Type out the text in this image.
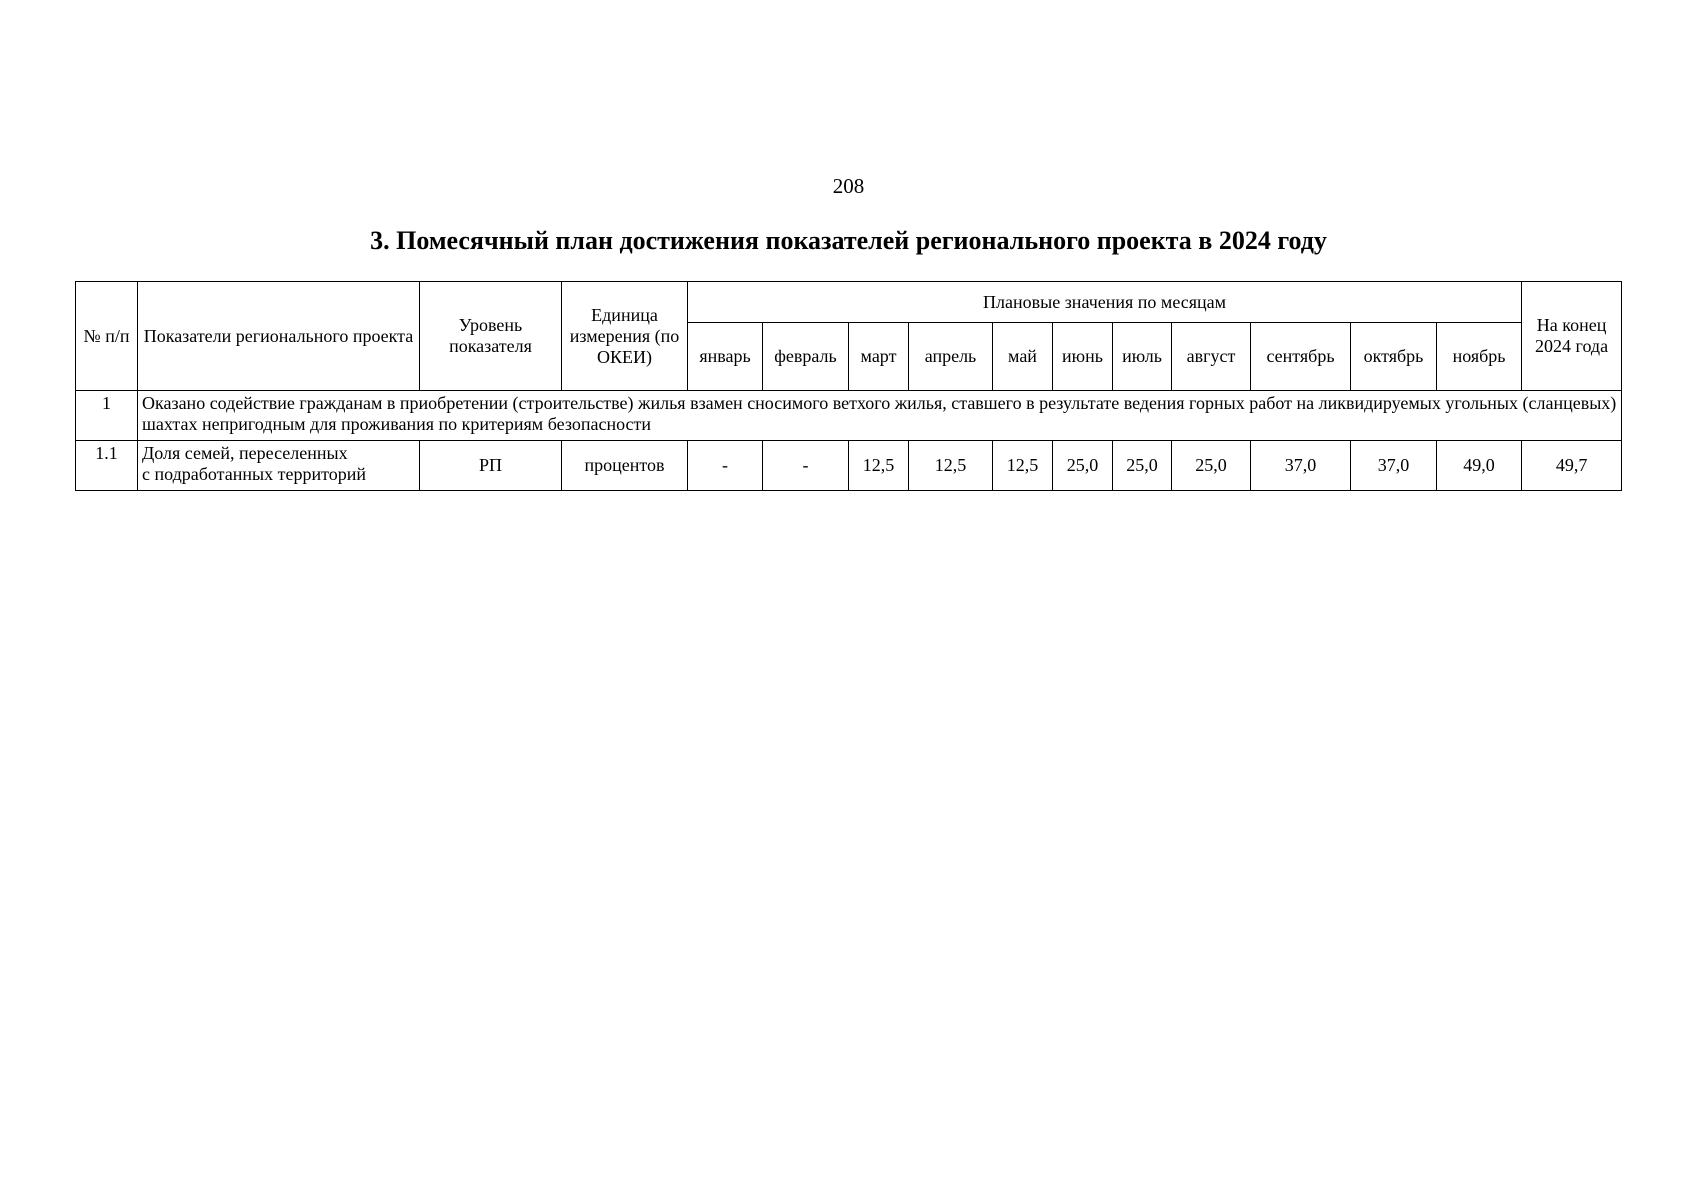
208
3. Помесячный план достижения показателей регионального проекта в 2024 году
№ п/п	Показатели регионального проекта	Уровень показателя	Единица измерения (по ОКЕИ)	Плановые значения по месяцам											На конец 2024 года
				январь	февраль	март	апрель	май	июнь	июль	август	сентябрь	октябрь	ноябрь	
1	Оказано содействие гражданам в приобретении (строительстве) жилья взамен сносимого ветхого жилья, ставшего в результате ведения горных работ на ликвидируемых угольных (сланцевых) шахтах непригодным для проживания по критериям безопасности														
1.1	Доля семей, переселенных
с подработанных территорий	РП	процентов	-	-	12,5	12,5	12,5	25,0	25,0	25,0	37,0	37,0	49,0	49,7
